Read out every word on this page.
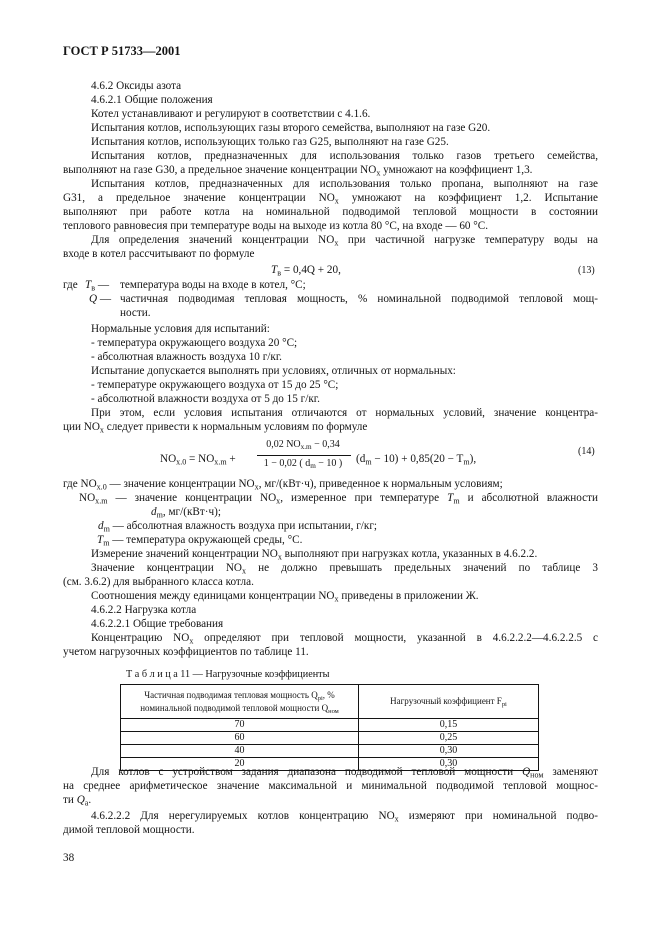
ГОСТ Р 51733—2001
4.6.2 Оксиды азота
4.6.2.1 Общие положения
Котел устанавливают и регулируют в соответствии с 4.1.6.
Испытания котлов, использующих газы второго семейства, выполняют на газе G20.
Испытания котлов, использующих только газ G25, выполняют на газе G25.
Испытания котлов, предназначенных для использования только газов третьего семейства,
выполняют на газе G30, а предельное значение концентрации $NO_x$ умножают на коэффициент 1,3.
Испытания котлов, предназначенных для использования только пропана, выполняют на газе
G31, а предельное значение концентрации $NO_x$ умножают на коэффициент 1,2. Испытание
выполняют при работе котла на номинальной подводимой тепловой мощности в состоянии
теплового равновесия при температуре воды на выходе из котла 80 °С, на входе — 60 °С.
Для определения значений концентрации $NO_x$ при частичной нагрузке температуру воды на
входе в котел рассчитывают по формуле
$T_в = 0,4Q + 20$,	(13)
где $T_в$ — температура воды на входе в котел, °С;
Q — частичная подводимая тепловая мощность, % номинальной подводимой тепловой мощ-
ности.
Нормальные условия для испытаний:
- температура окружающего воздуха 20 °С;
- абсолютная влажность воздуха 10 г/кг.
Испытание допускается выполнять при условиях, отличных от нормальных:
- температуре окружающего воздуха от 15 до 25 °С;
- абсолютной влажности воздуха от 5 до 15 г/кг.
При этом, если условия испытания отличаются от нормальных условий, значение концентра-
ции $NO_x$ следует привести к нормальным условиям по формуле
$NO_{x.0} = NO_{x.m}$ +
0,02 $NO_{x.m} - 0,34$
1 − 0,02 ( $d_m - 10$ )	$(d_m - 10) + 0,85(20 - T_m)$,
(14)
где $NO_{x.0}$ — значение концентрации $NO_x$, мг/(кВт·ч), приведенное к нормальным условиям;
$NO_{x.m}$ — значение концентрации $NO_x$, измеренное при температуре $T_m$ и абсолютной влажности
$d_m$, мг/(кВт·ч);
$d_m$ — абсолютная влажность воздуха при испытании, г/кг;
$T_m$ — температура окружающей среды, °С.
Измерение значений концентрации $NO_x$ выполняют при нагрузках котла, указанных в 4.6.2.2.
Значение концентрации $NO_x$ не должно превышать предельных значений по таблице 3
(см. 3.6.2) для выбранного класса котла.
Соотношения между единицами концентрации $NO_x$ приведены в приложении Ж.
4.6.2.2 Нагрузка котла
4.6.2.2.1 Общие требования
Концентрацию $NO_x$ определяют при тепловой мощности, указанной в 4.6.2.2.2—4.6.2.2.5 с
учетом нагрузочных коэффициентов по таблице 11.
Т а б л и ц а 11 — Нагрузочные коэффициенты
Частичная подводимая тепловая мощность $Q_{pi}$, %
номинальной подводимой тепловой мощности $Q_{ном}$	Нагрузочный коэффициент $F_{pi}$
70	0,15
60	0,25
40	0,30
20	0,30
Для котлов с устройством задания диапазона подводимой тепловой мощности $Q_{ном}$ заменяют
на среднее арифметическое значение максимальной и минимальной подводимой тепловой мощнос-
ти $Q_а$.
4.6.2.2.2 Для нерегулируемых котлов концентрацию $NO_x$ измеряют при номинальной подво-
димой тепловой мощности.
38
